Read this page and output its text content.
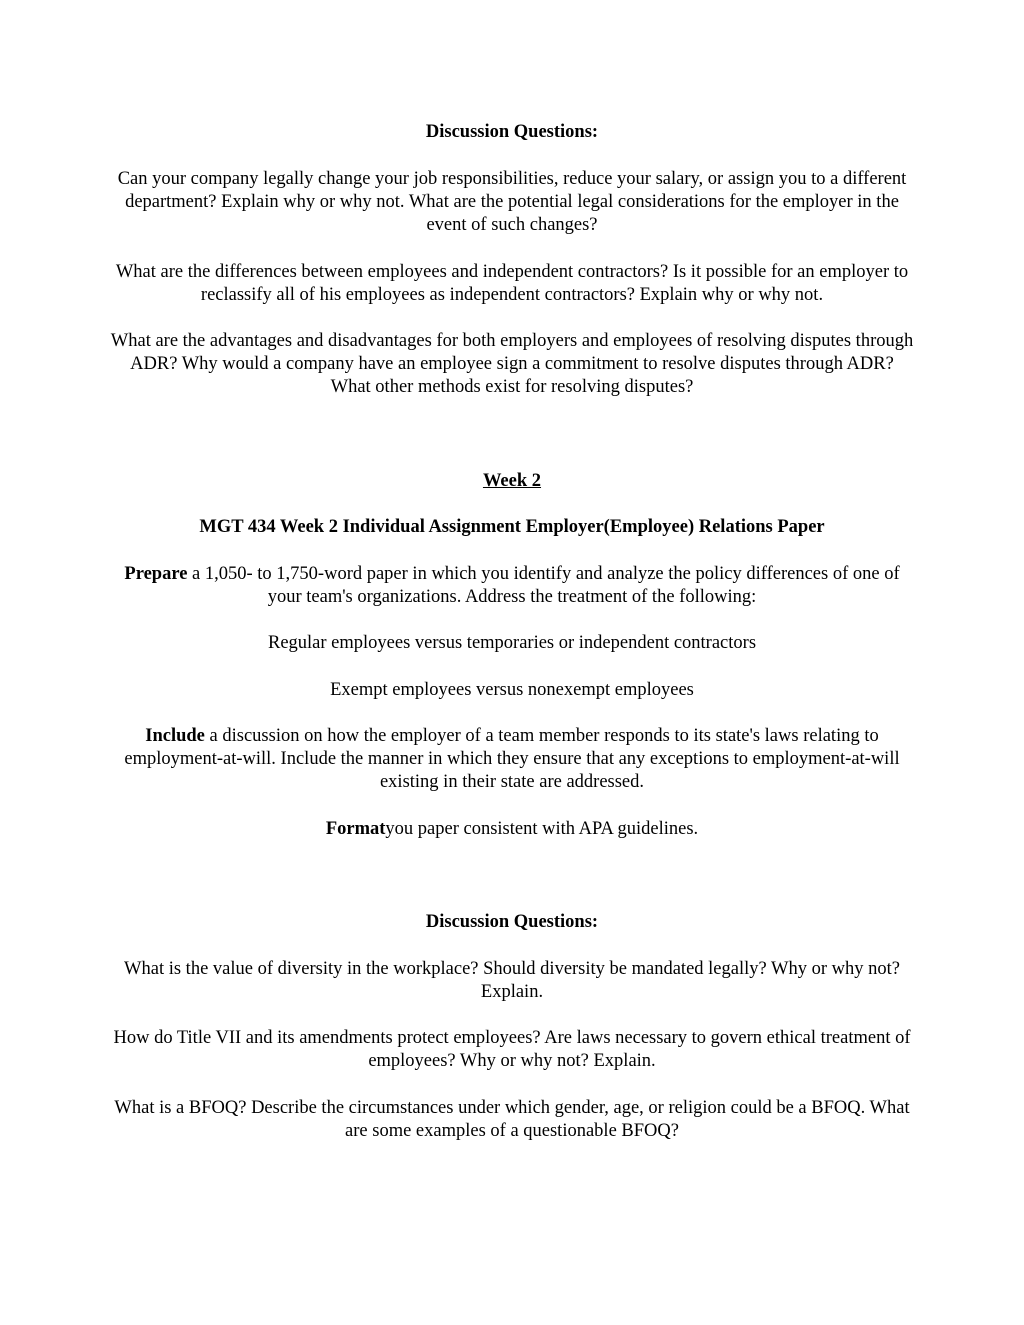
Discussion Questions:
Can your company legally change your job responsibilities, reduce your salary, or assign you to a different department? Explain why or why not. What are the potential legal considerations for the employer in the event of such changes?
What are the differences between employees and independent contractors? Is it possible for an employer to reclassify all of his employees as independent contractors? Explain why or why not.
What are the advantages and disadvantages for both employers and employees of resolving disputes through ADR? Why would a company have an employee sign a commitment to resolve disputes through ADR? What other methods exist for resolving disputes?
Week 2
MGT 434 Week 2 Individual Assignment Employer(Employee) Relations Paper
Prepare a 1,050- to 1,750-word paper in which you identify and analyze the policy differences of one of your team's organizations. Address the treatment of the following:
Regular employees versus temporaries or independent contractors
Exempt employees versus nonexempt employees
Include a discussion on how the employer of a team member responds to its state's laws relating to employment-at-will. Include the manner in which they ensure that any exceptions to employment-at-will existing in their state are addressed.
Formatyou paper consistent with APA guidelines.
Discussion Questions:
What is the value of diversity in the workplace? Should diversity be mandated legally? Why or why not? Explain.
How do Title VII and its amendments protect employees? Are laws necessary to govern ethical treatment of employees? Why or why not? Explain.
What is a BFOQ? Describe the circumstances under which gender, age, or religion could be a BFOQ. What are some examples of a questionable BFOQ?
